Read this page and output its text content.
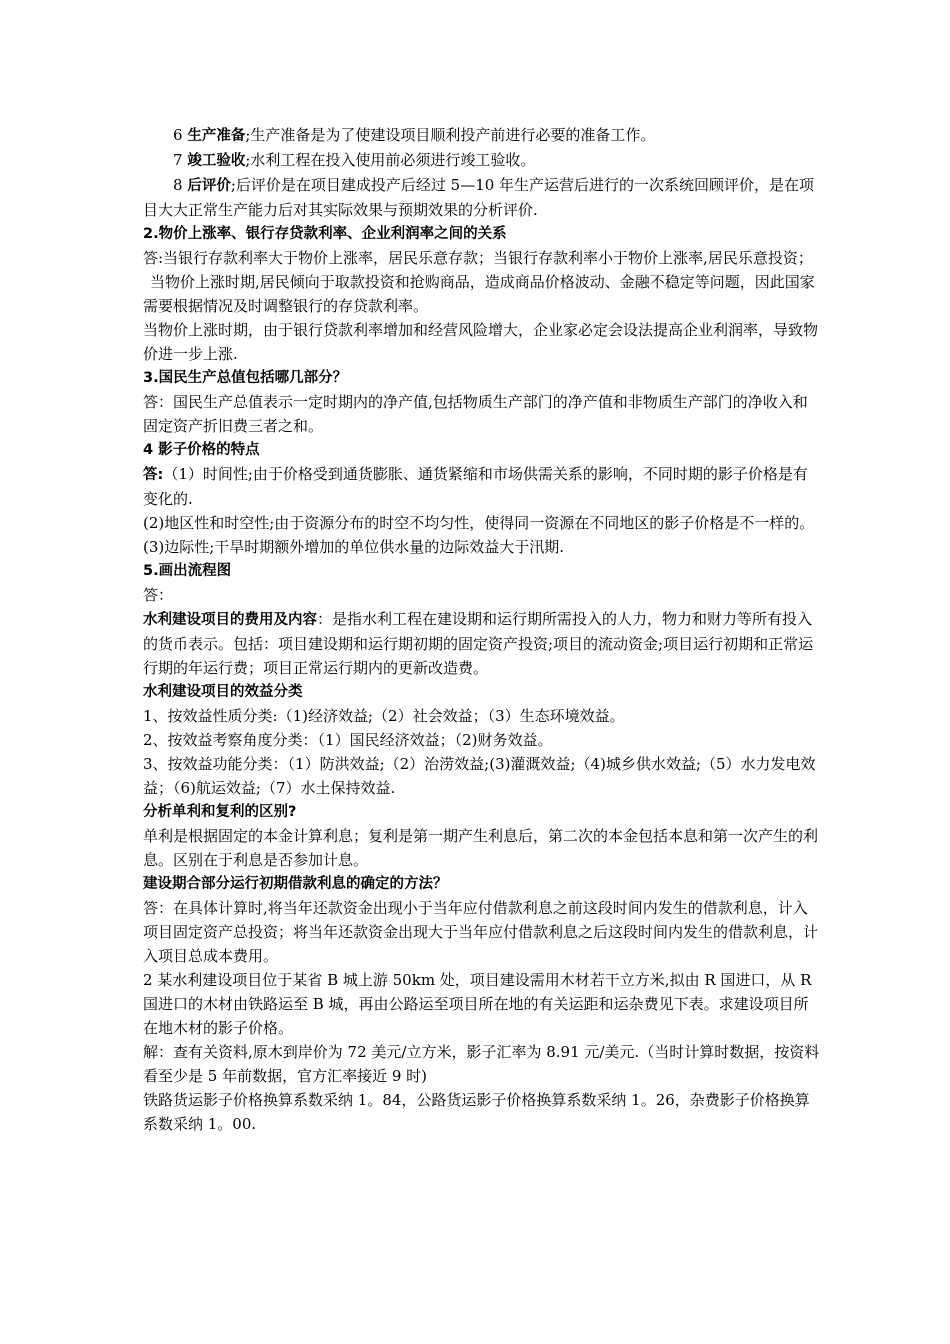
6 生产准备;生产准备是为了使建设项目顺利投产前进行必要的准备工作。

7 竣工验收;水利工程在投入使用前必须进行竣工验收。

8 后评价;后评价是在项目建成投产后经过 5—10 年生产运营后进行的一次系统回顾评价，是在项目大大正常生产能力后对其实际效果与预期效果的分析评价.

2.物价上涨率、银行存贷款利率、企业利润率之间的关系

答:当银行存款利率大于物价上涨率，居民乐意存款；当银行存款利率小于物价上涨率,居民乐意投资；

当物价上涨时期,居民倾向于取款投资和抢购商品，造成商品价格波动、金融不稳定等问题，因此国家需要根据情况及时调整银行的存贷款利率。

当物价上涨时期，由于银行贷款利率增加和经营风险增大，企业家必定会设法提高企业利润率，导致物价进一步上涨.

3.国民生产总值包括哪几部分？

答：国民生产总值表示一定时期内的净产值,包括物质生产部门的净产值和非物质生产部门的净收入和固定资产折旧费三者之和。

4 影子价格的特点

答:（1）时间性;由于价格受到通货膨胀、通货紧缩和市场供需关系的影响，不同时期的影子价格是有变化的.

(2)地区性和时空性;由于资源分布的时空不均匀性，使得同一资源在不同地区的影子价格是不一样的。

(3)边际性;干旱时期额外增加的单位供水量的边际效益大于汛期.

5.画出流程图

答：

水利建设项目的费用及内容：是指水利工程在建设期和运行期所需投入的人力，物力和财力等所有投入的货币表示。包括：项目建设期和运行期初期的固定资产投资;项目的流动资金;项目运行初期和正常运行期的年运行费；项目正常运行期内的更新改造费。

水利建设项目的效益分类

1、按效益性质分类:（1)经济效益;（2）社会效益；（3）生态环境效益。

2、按效益考察角度分类：（1）国民经济效益；（2)财务效益。

3、按效益功能分类：（1）防洪效益;（2）治涝效益;(3)灌溉效益;（4)城乡供水效益;（5）水力发电效益；（6)航运效益;（7）水土保持效益.

分析单利和复利的区别?

单利是根据固定的本金计算利息；复利是第一期产生利息后，第二次的本金包括本息和第一次产生的利息。区别在于利息是否参加计息。

建设期合部分运行初期借款利息的确定的方法？

答：在具体计算时,将当年还款资金出现小于当年应付借款利息之前这段时间内发生的借款利息，计入项目固定资产总投资；将当年还款资金出现大于当年应付借款利息之后这段时间内发生的借款利息，计入项目总成本费用。

2 某水利建设项目位于某省 B 城上游 50km 处，项目建设需用木材若干立方米,拟由 R 国进口，从 R 国进口的木材由铁路运至 B 城，再由公路运至项目所在地的有关运距和运杂费见下表。求建设项目所在地木材的影子价格。

解：查有关资料,原木到岸价为 72 美元/立方米，影子汇率为 8.91 元/美元.（当时计算时数据，按资料看至少是 5 年前数据，官方汇率接近 9 时)

铁路货运影子价格换算系数采纳 1。84，公路货运影子价格换算系数采纳 1。26，杂费影子价格换算系数采纳 1。00.
